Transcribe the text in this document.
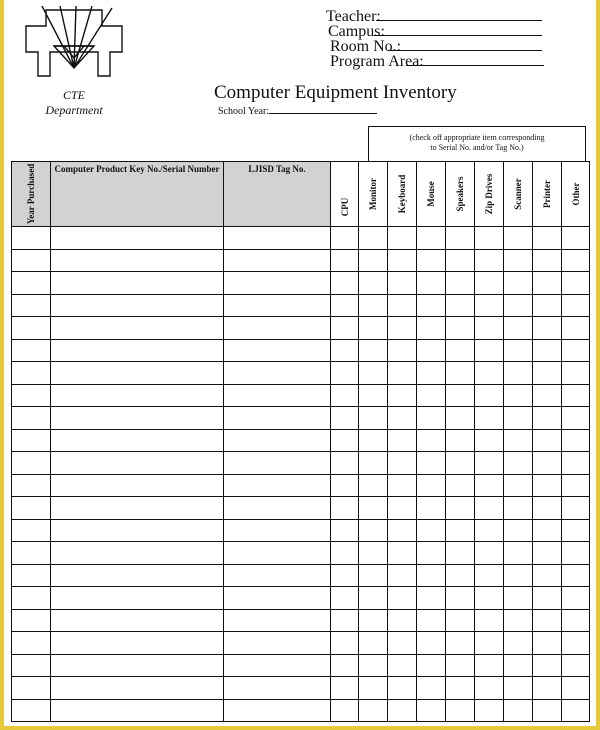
CTE
Department
Teacher:
Campus:
Room No.:
Program Area:
Computer Equipment Inventory
School Year:
(check off appropriate item corresponding
to Serial No. and/or Tag No.)
Year Purchased	Computer Product Key No./Serial Number	LJISD Tag No.	CPU	Monitor	Keyboard	Mouse	Speakers	Zip Drives	Scanner	Printer	Other
